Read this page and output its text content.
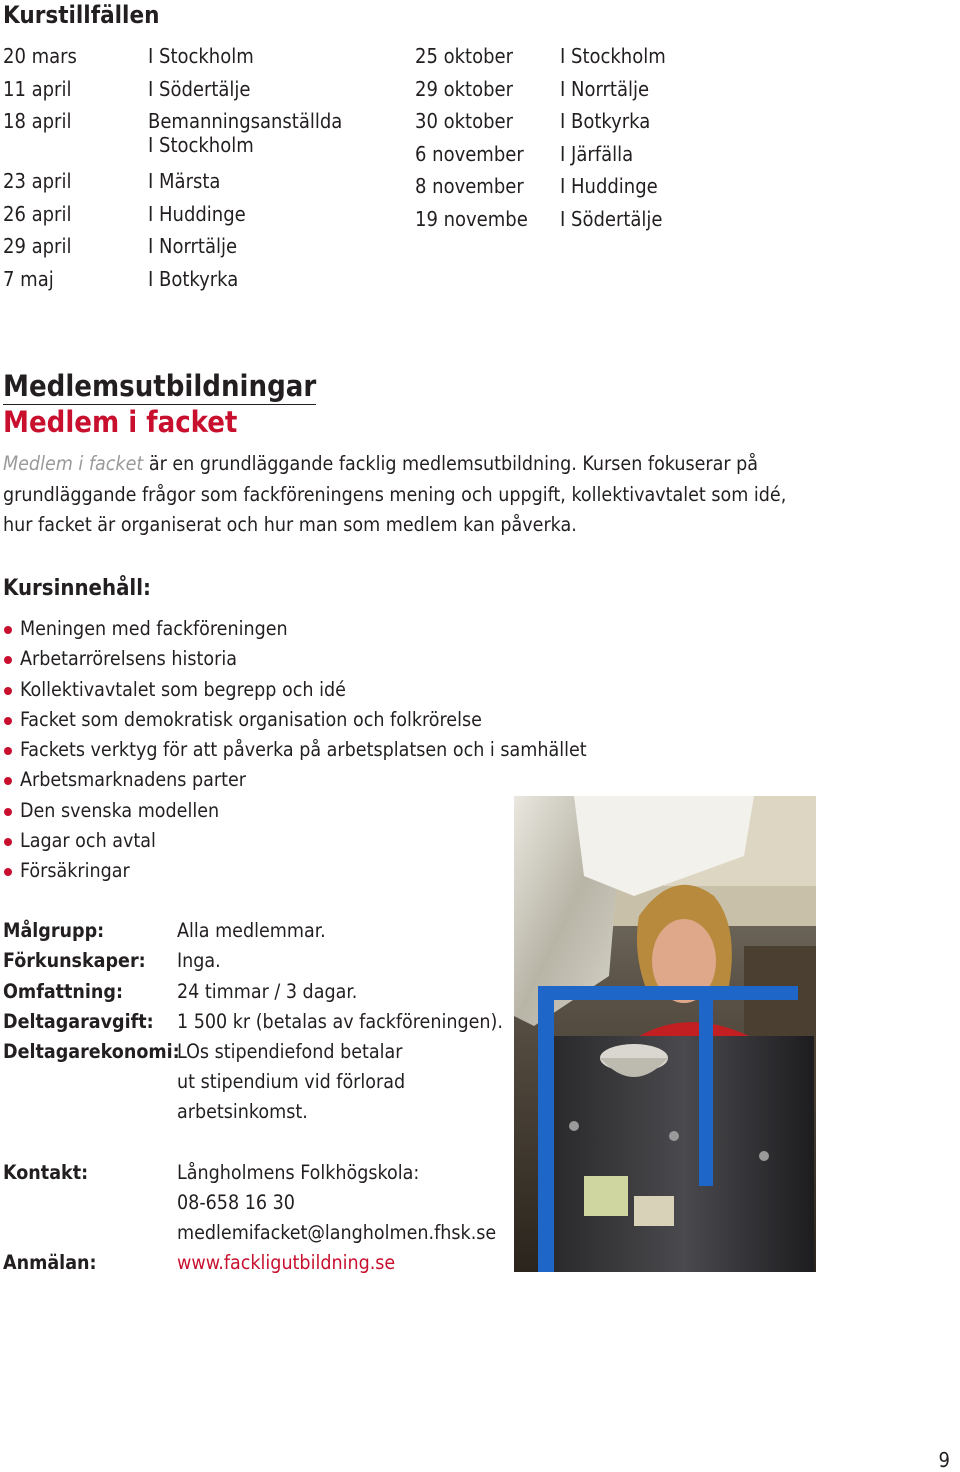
Kurstillfällen
20 mars	I Stockholm
11 april	I Södertälje
18 april	Bemanningsanställda
I Stockholm
23 april	I Märsta
26 april	I Huddinge
29 april	I Norrtälje
7 maj	I Botkyrka
25 oktober	I Stockholm
29 oktober	I Norrtälje
30 oktober	I Botkyrka
6 november	I Järfälla
8 november	I Huddinge
19 novembe	I Södertälje
Medlemsutbildningar
Medlem i facket
Medlem i facket är en grundläggande facklig medlemsutbildning. Kursen fokuserar på
grundläggande frågor som fackföreningens mening och uppgift, kollektivavtalet som idé,
hur facket är organiserat och hur man som medlem kan påverka.
Kursinnehåll:
Meningen med fackföreningen
Arbetarrörelsens historia
Kollektivavtalet som begrepp och idé
Facket som demokratisk organisation och folkrörelse
Fackets verktyg för att påverka på arbetsplatsen och i samhället
Arbetsmarknadens parter
Den svenska modellen
Lagar och avtal
Försäkringar
Målgrupp:	Alla medlemmar.
Förkunskaper: Inga.
Omfattning:	24 timmar / 3 dagar.
Deltagaravgift: 1 500 kr (betalas av fackföreningen).
Deltagarekonomi:
LOs stipendiefond betalar
ut stipendium vid förlorad
arbetsinkomst.
Kontakt:	Långholmens Folkhögskola:
08-658 16 30
medlemifacket@langholmen.fhsk.se
Anmälan:	www.fackligutbildning.se
9
